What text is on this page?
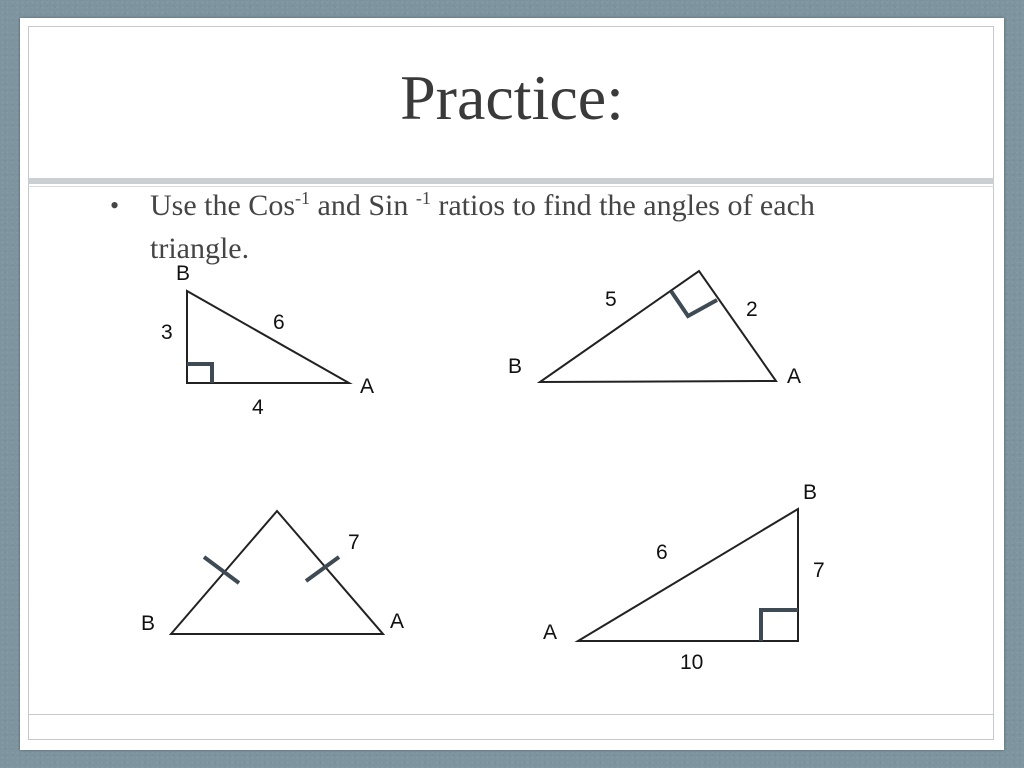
Practice:
• Use the Cos$^{-1}$ and Sin $^{-1}$ ratios to find the angles of each triangle.
B
A
3	6
4
B	A
5	2
B	A
7
B
A
6
7
10
